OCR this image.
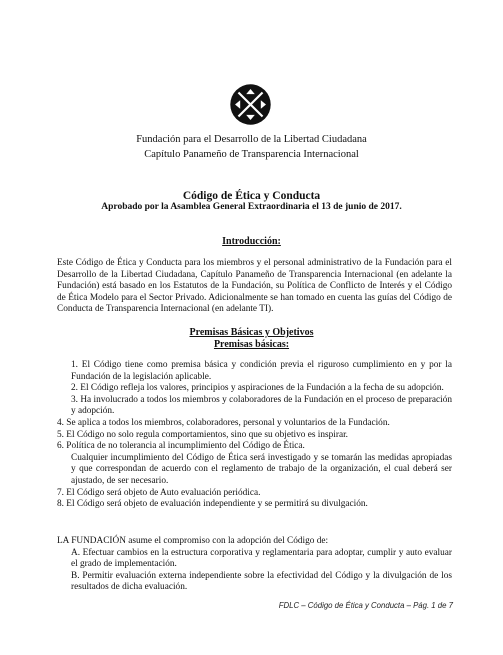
Fundación para el Desarrollo de la Libertad Ciudadana
Capítulo Panameño de Transparencia Internacional
Código de Ética y Conducta
Aprobado por la Asamblea General Extraordinaria el 13 de junio de 2017.
Introducción:
Este Código de Ética y Conducta para los miembros y el personal administrativo de la Fundación para el Desarrollo de la Libertad Ciudadana, Capítulo Panameño de Transparencia Internacional (en adelante la Fundación) está basado en los Estatutos de la Fundación, su Política de Conflicto de Interés y el Código de Ética Modelo para el Sector Privado. Adicionalmente se han tomado en cuenta las guías del Código de Conducta de Transparencia Internacional (en adelante TI).
Premisas Básicas y Objetivos
Premisas básicas:

1. El Código tiene como premisa básica y condición previa el riguroso cumplimiento en y por la Fundación de la legislación aplicable.

2. El Código refleja los valores, principios y aspiraciones de la Fundación a la fecha de su adopción.

3. Ha involucrado a todos los miembros y colaboradores de la Fundación en el proceso de preparación y adopción.

4. Se aplica a todos los miembros, colaboradores, personal y voluntarios de la Fundación.

5. El Código no solo regula comportamientos, sino que su objetivo es inspirar.

6. Política de no tolerancia al incumplimiento del Código de Ética.

Cualquier incumplimiento del Código de Ética será investigado y se tomarán las medidas apropiadas y que correspondan de acuerdo con el reglamento de trabajo de la organización, el cual deberá ser ajustado, de ser necesario.

7. El Código será objeto de Auto evaluación periódica.

8. El Código será objeto de evaluación independiente y se permitirá su divulgación.

LA FUNDACIÓN asume el compromiso con la adopción del Código de:

A. Efectuar cambios en la estructura corporativa y reglamentaria para adoptar, cumplir y auto evaluar el grado de implementación.

B. Permitir evaluación externa independiente sobre la efectividad del Código y la divulgación de los resultados de dicha evaluación.

FDLC – Código de Ética y Conducta – Pág. 1 de 7
